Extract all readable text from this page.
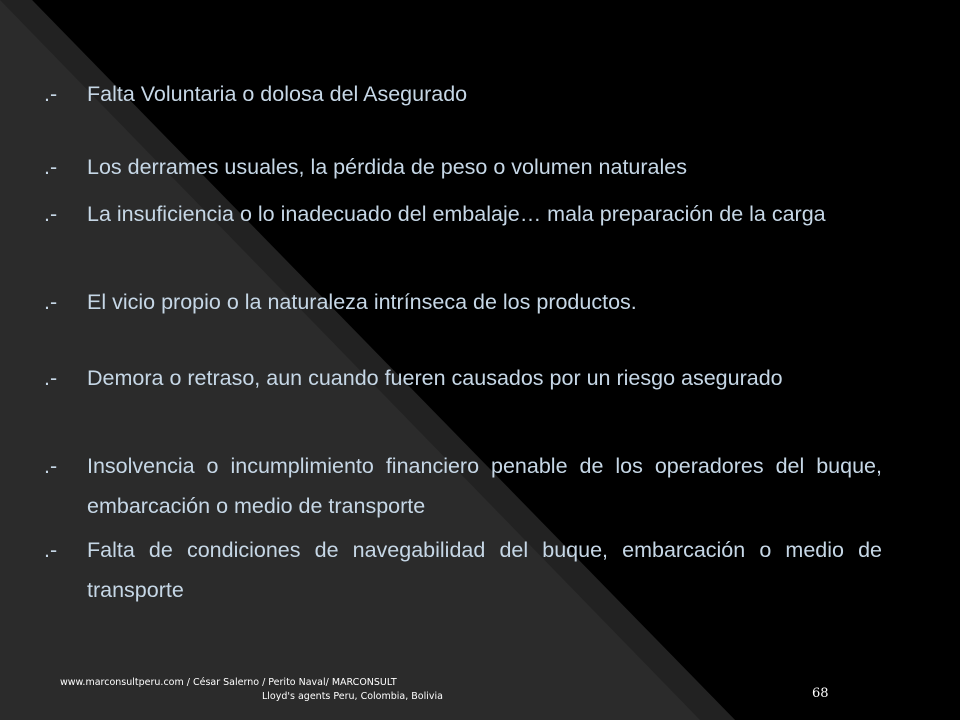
.-	Falta Voluntaria o dolosa del Asegurado
.-	Los derrames usuales, la pérdida de peso o volumen naturales
.-	La insuficiencia o lo inadecuado del embalaje… mala preparación de la carga
.-	El vicio propio o la naturaleza intrínseca de los productos.
.-	Demora o retraso, aun cuando fueren causados por un riesgo asegurado
.-	Insolvencia o incumplimiento financiero penable de los operadores del buque, embarcación o medio de transporte
.-	Falta de condiciones de navegabilidad del buque, embarcación o medio de transporte
www.marconsultperu.com / César Salerno / Perito Naval/ MARCONSULT
Lloyd's agents Peru, Colombia, Bolivia	68
